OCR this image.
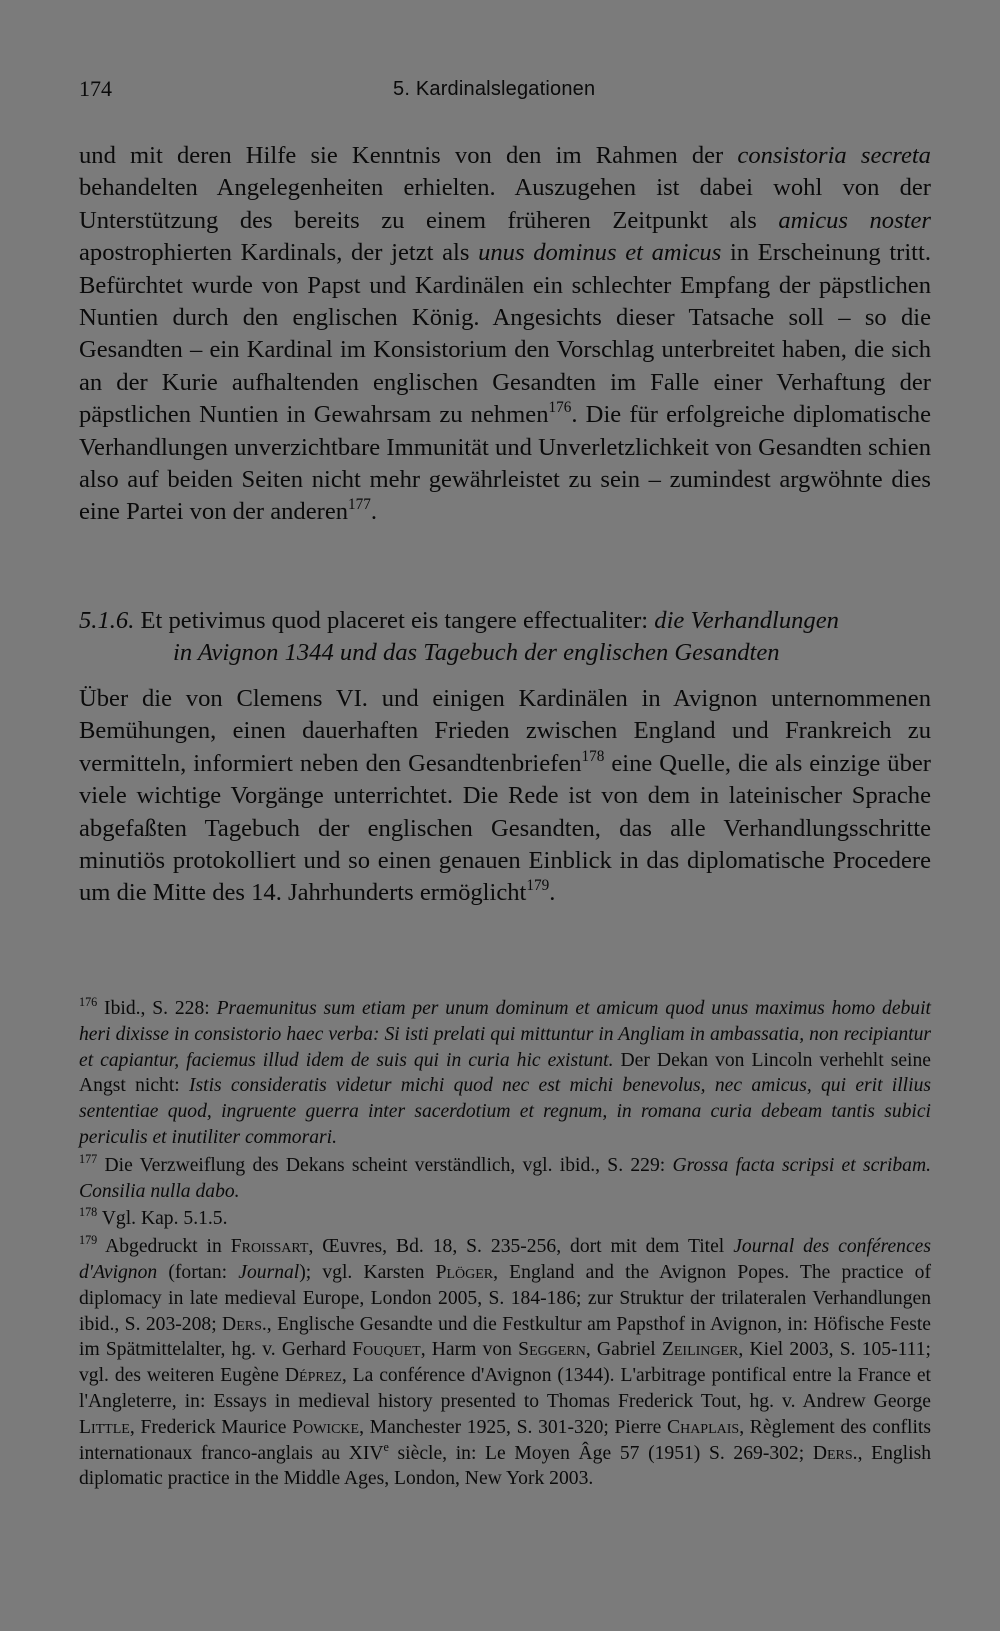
174	5. Kardinalslegationen

und mit deren Hilfe sie Kenntnis von den im Rahmen der consistoria secreta behandelten Angelegenheiten erhielten. Auszugehen ist dabei wohl von der Unterstützung des bereits zu einem früheren Zeitpunkt als amicus noster apostrophierten Kardinals, der jetzt als unus dominus et amicus in Erscheinung tritt. Befürchtet wurde von Papst und Kardinälen ein schlechter Empfang der päpstlichen Nuntien durch den englischen König. Angesichts dieser Tatsache soll – so die Gesandten – ein Kardinal im Konsistorium den Vorschlag unterbreitet haben, die sich an der Kurie aufhaltenden englischen Gesandten im Falle einer Verhaftung der päpstlichen Nuntien in Gewahrsam zu nehmen$^{176}$. Die für erfolgreiche diplomatische Verhandlungen unverzichtbare Immunität und Unverletzlichkeit von Gesandten schien also auf beiden Seiten nicht mehr gewährleistet zu sein – zumindest argwöhnte dies eine Partei von der anderen$^{177}$.

5.1.6. Et petivimus quod placeret eis tangere effectualiter: die Verhandlungen
in Avignon 1344 und das Tagebuch der englischen Gesandten

Über die von Clemens VI. und einigen Kardinälen in Avignon unternommenen Bemühungen, einen dauerhaften Frieden zwischen England und Frankreich zu vermitteln, informiert neben den Gesandtenbriefen$^{178}$ eine Quelle, die als einzige über viele wichtige Vorgänge unterrichtet. Die Rede ist von dem in lateinischer Sprache abgefaßten Tagebuch der englischen Gesandten, das alle Verhandlungsschritte minutiös protokolliert und so einen genauen Einblick in das diplomatische Procedere um die Mitte des 14. Jahrhunderts ermöglicht$^{179}$.

$^{176}$ Ibid., S. 228: Praemunitus sum etiam per unum dominum et amicum quod unus maximus homo debuit heri dixisse in consistorio haec verba: Si isti prelati qui mittuntur in Angliam in ambassatia, non recipiantur et capiantur, faciemus illud idem de suis qui in curia hic existunt. Der Dekan von Lincoln verhehlt seine Angst nicht: Istis consideratis videtur michi quod nec est michi benevolus, nec amicus, qui erit illius sententiae quod, ingruente guerra inter sacerdotium et regnum, in romana curia debeam tantis subici periculis et inutiliter commorari.

$^{177}$ Die Verzweiflung des Dekans scheint verständlich, vgl. ibid., S. 229: Grossa facta scripsi et scribam. Consilia nulla dabo.

$^{178}$ Vgl. Kap. 5.1.5.

$^{179}$ Abgedruckt in Froissart, Œuvres, Bd. 18, S. 235-256, dort mit dem Titel Journal des conférences d'Avignon (fortan: Journal); vgl. Karsten Plöger, England and the Avignon Popes. The practice of diplomacy in late medieval Europe, London 2005, S. 184-186; zur Struktur der trilateralen Verhandlungen ibid., S. 203-208; Ders., Englische Gesandte und die Festkultur am Papsthof in Avignon, in: Höfische Feste im Spätmittelalter, hg. v. Gerhard Fouquet, Harm von Seggern, Gabriel Zeilinger, Kiel 2003, S. 105-111; vgl. des weiteren Eugène Déprez, La conférence d'Avignon (1344). L'arbitrage pontifical entre la France et l'Angleterre, in: Essays in medieval history presented to Thomas Frederick Tout, hg. v. Andrew George Little, Frederick Maurice Powicke, Manchester 1925, S. 301-320; Pierre Chaplais, Règlement des conflits internationaux franco-anglais au XIVe siècle, in: Le Moyen Âge 57 (1951) S. 269-302; Ders., English diplomatic practice in the Middle Ages, London, New York 2003.
